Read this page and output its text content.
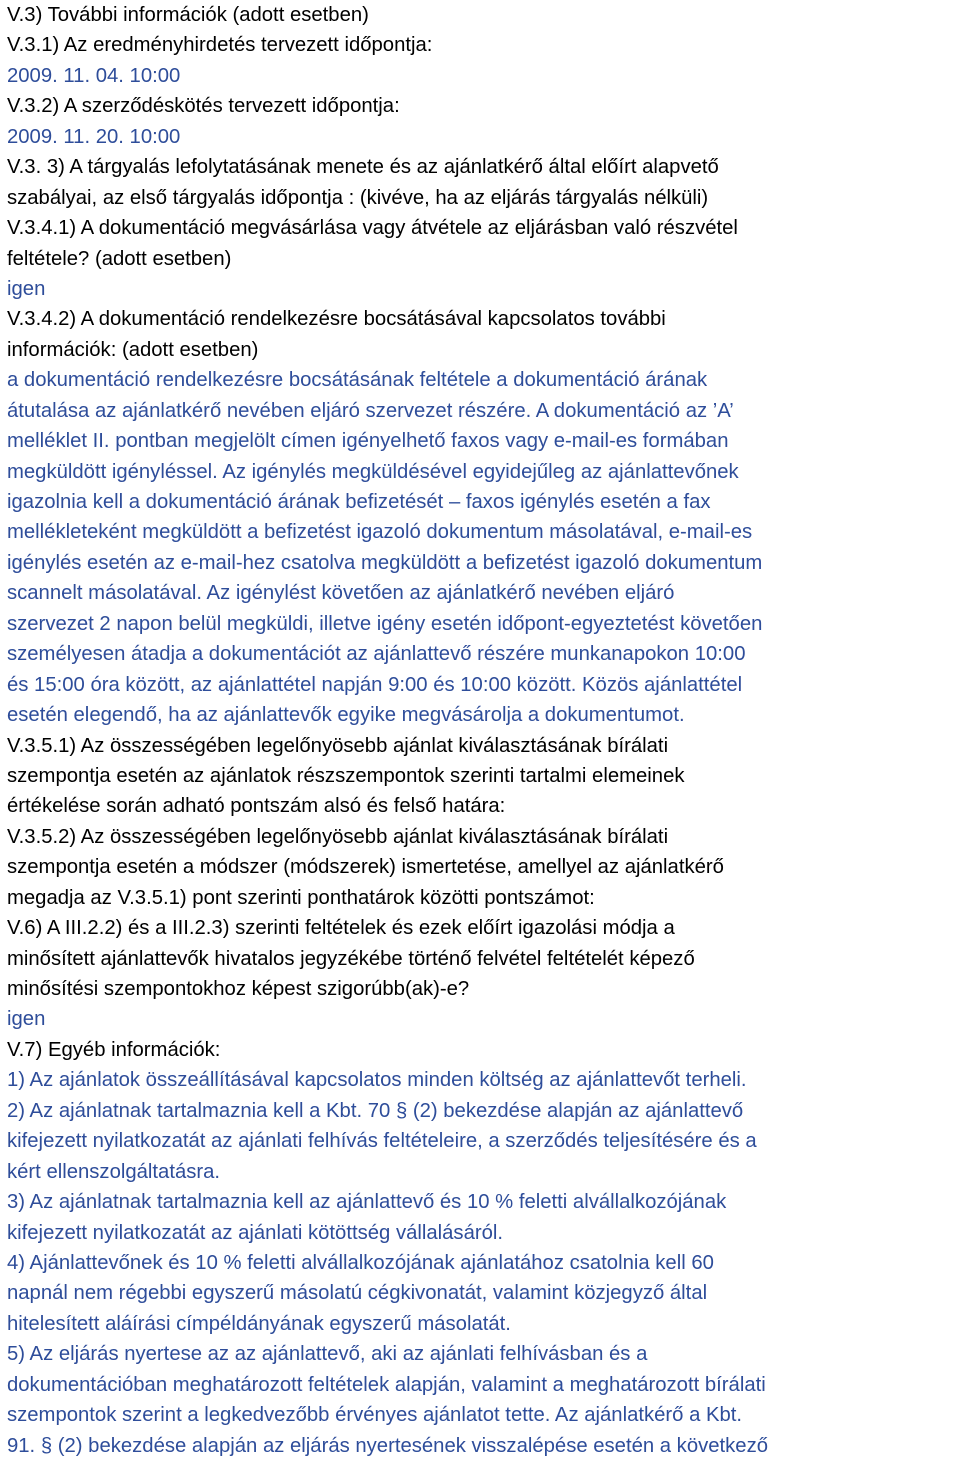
V.3) További információk (adott esetben)
V.3.1) Az eredményhirdetés tervezett időpontja:
2009. 11. 04. 10:00
V.3.2) A szerződéskötés tervezett időpontja:
2009. 11. 20. 10:00
V.3. 3) A tárgyalás lefolytatásának menete és az ajánlatkérő által előírt alapvető
szabályai, az első tárgyalás időpontja : (kivéve, ha az eljárás tárgyalás nélküli)
V.3.4.1) A dokumentáció megvásárlása vagy átvétele az eljárásban való részvétel
feltétele? (adott esetben)
igen
V.3.4.2) A dokumentáció rendelkezésre bocsátásával kapcsolatos további
információk: (adott esetben)
a dokumentáció rendelkezésre bocsátásának feltétele a dokumentáció árának
átutalása az ajánlatkérő nevében eljáró szervezet részére. A dokumentáció az ’A’
melléklet II. pontban megjelölt címen igényelhető faxos vagy e-mail-es formában
megküldött igényléssel. Az igénylés megküldésével egyidejűleg az ajánlattevőnek
igazolnia kell a dokumentáció árának befizetését – faxos igénylés esetén a fax
mellékleteként megküldött a befizetést igazoló dokumentum másolatával, e-mail-es
igénylés esetén az e-mail-hez csatolva megküldött a befizetést igazoló dokumentum
scannelt másolatával. Az igénylést követően az ajánlatkérő nevében eljáró
szervezet 2 napon belül megküldi, illetve igény esetén időpont-egyeztetést követően
személyesen átadja a dokumentációt az ajánlattevő részére munkanapokon 10:00
és 15:00 óra között, az ajánlattétel napján 9:00 és 10:00 között. Közös ajánlattétel
esetén elegendő, ha az ajánlattevők egyike megvásárolja a dokumentumot.
V.3.5.1) Az összességében legelőnyösebb ajánlat kiválasztásának bírálati
szempontja esetén az ajánlatok részszempontok szerinti tartalmi elemeinek
értékelése során adható pontszám alsó és felső határa:
V.3.5.2) Az összességében legelőnyösebb ajánlat kiválasztásának bírálati
szempontja esetén a módszer (módszerek) ismertetése, amellyel az ajánlatkérő
megadja az V.3.5.1) pont szerinti ponthatárok közötti pontszámot:
V.6) A III.2.2) és a III.2.3) szerinti feltételek és ezek előírt igazolási módja a
minősített ajánlattevők hivatalos jegyzékébe történő felvétel feltételét képező
minősítési szempontokhoz képest szigorúbb(ak)-e?
igen
V.7) Egyéb információk:
1) Az ajánlatok összeállításával kapcsolatos minden költség az ajánlattevőt terheli.
2) Az ajánlatnak tartalmaznia kell a Kbt. 70 § (2) bekezdése alapján az ajánlattevő
kifejezett nyilatkozatát az ajánlati felhívás feltételeire, a szerződés teljesítésére és a
kért ellenszolgáltatásra.
3) Az ajánlatnak tartalmaznia kell az ajánlattevő és 10 % feletti alvállalkozójának
kifejezett nyilatkozatát az ajánlati kötöttség vállalásáról.
4) Ajánlattevőnek és 10 % feletti alvállalkozójának ajánlatához csatolnia kell 60
napnál nem régebbi egyszerű másolatú cégkivonatát, valamint közjegyző által
hitelesített aláírási címpéldányának egyszerű másolatát.
5) Az eljárás nyertese az az ajánlattevő, aki az ajánlati felhívásban és a
dokumentációban meghatározott feltételek alapján, valamint a meghatározott bírálati
szempontok szerint a legkedvezőbb érvényes ajánlatot tette. Az ajánlatkérő a Kbt.
91. § (2) bekezdése alapján az eljárás nyertesének visszalépése esetén a következő
